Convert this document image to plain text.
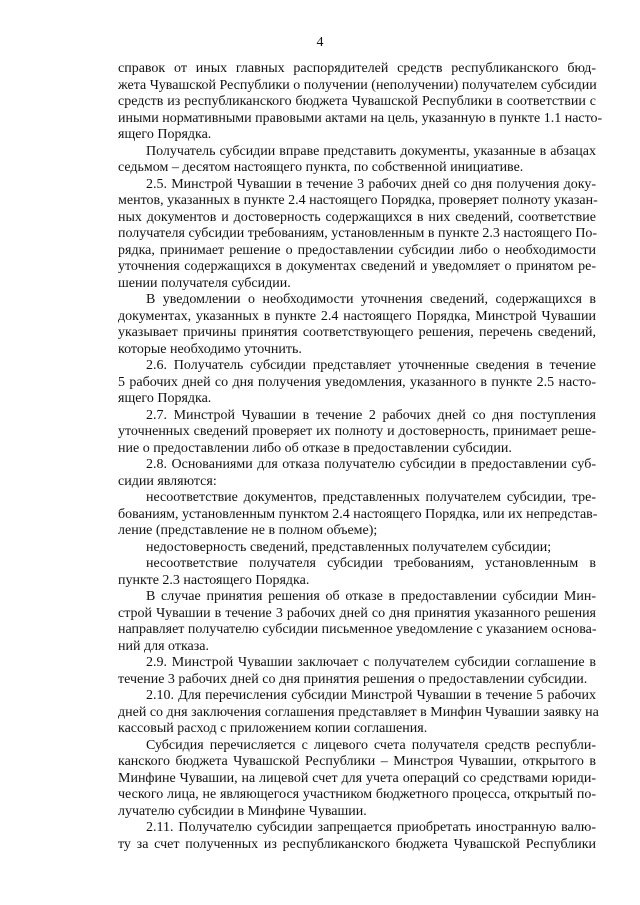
4
справок от иных главных распорядителей средств республиканского бюд-
жета Чувашской Республики о получении (неполучении) получателем субсидии
средств из республиканского бюджета Чувашской Республики в соответствии с
иными нормативными правовыми актами на цель, указанную в пункте 1.1 насто-
ящего Порядка.
Получатель субсидии вправе представить документы, указанные в абзацах
седьмом – десятом настоящего пункта, по собственной инициативе.
2.5. Минстрой Чувашии в течение 3 рабочих дней со дня получения доку-
ментов, указанных в пункте 2.4 настоящего Порядка, проверяет полноту указан-
ных документов и достоверность содержащихся в них сведений, соответствие
получателя субсидии требованиям, установленным в пункте 2.3 настоящего По-
рядка, принимает решение о предоставлении субсидии либо о необходимости
уточнения содержащихся в документах сведений и уведомляет о принятом ре-
шении получателя субсидии.
В уведомлении о необходимости уточнения сведений, содержащихся в
документах, указанных в пункте 2.4 настоящего Порядка, Минстрой Чувашии
указывает причины принятия соответствующего решения, перечень сведений,
которые необходимо уточнить.
2.6. Получатель субсидии представляет уточненные сведения в течение
5 рабочих дней со дня получения уведомления, указанного в пункте 2.5 насто-
ящего Порядка.
2.7. Минстрой Чувашии в течение 2 рабочих дней со дня поступления
уточненных сведений проверяет их полноту и достоверность, принимает реше-
ние о предоставлении либо об отказе в предоставлении субсидии.
2.8. Основаниями для отказа получателю субсидии в предоставлении суб-
сидии являются:
несоответствие документов, представленных получателем субсидии, тре-
бованиям, установленным пунктом 2.4 настоящего Порядка, или их непредстав-
ление (представление не в полном объеме);
недостоверность сведений, представленных получателем субсидии;
несоответствие получателя субсидии требованиям, установленным в
пункте 2.3 настоящего Порядка.
В случае принятия решения об отказе в предоставлении субсидии Мин-
строй Чувашии в течение 3 рабочих дней со дня принятия указанного решения
направляет получателю субсидии письменное уведомление с указанием основа-
ний для отказа.
2.9. Минстрой Чувашии заключает с получателем субсидии соглашение в
течение 3 рабочих дней со дня принятия решения о предоставлении субсидии.
2.10. Для перечисления субсидии Минстрой Чувашии в течение 5 рабочих
дней со дня заключения соглашения представляет в Минфин Чувашии заявку на
кассовый расход с приложением копии соглашения.
Субсидия перечисляется с лицевого счета получателя средств республи-
канского бюджета Чувашской Республики – Минстроя Чувашии, открытого в
Минфине Чувашии, на лицевой счет для учета операций со средствами юриди-
ческого лица, не являющегося участником бюджетного процесса, открытый по-
лучателю субсидии в Минфине Чувашии.
2.11. Получателю субсидии запрещается приобретать иностранную валю-
ту за счет полученных из республиканского бюджета Чувашской Республики
